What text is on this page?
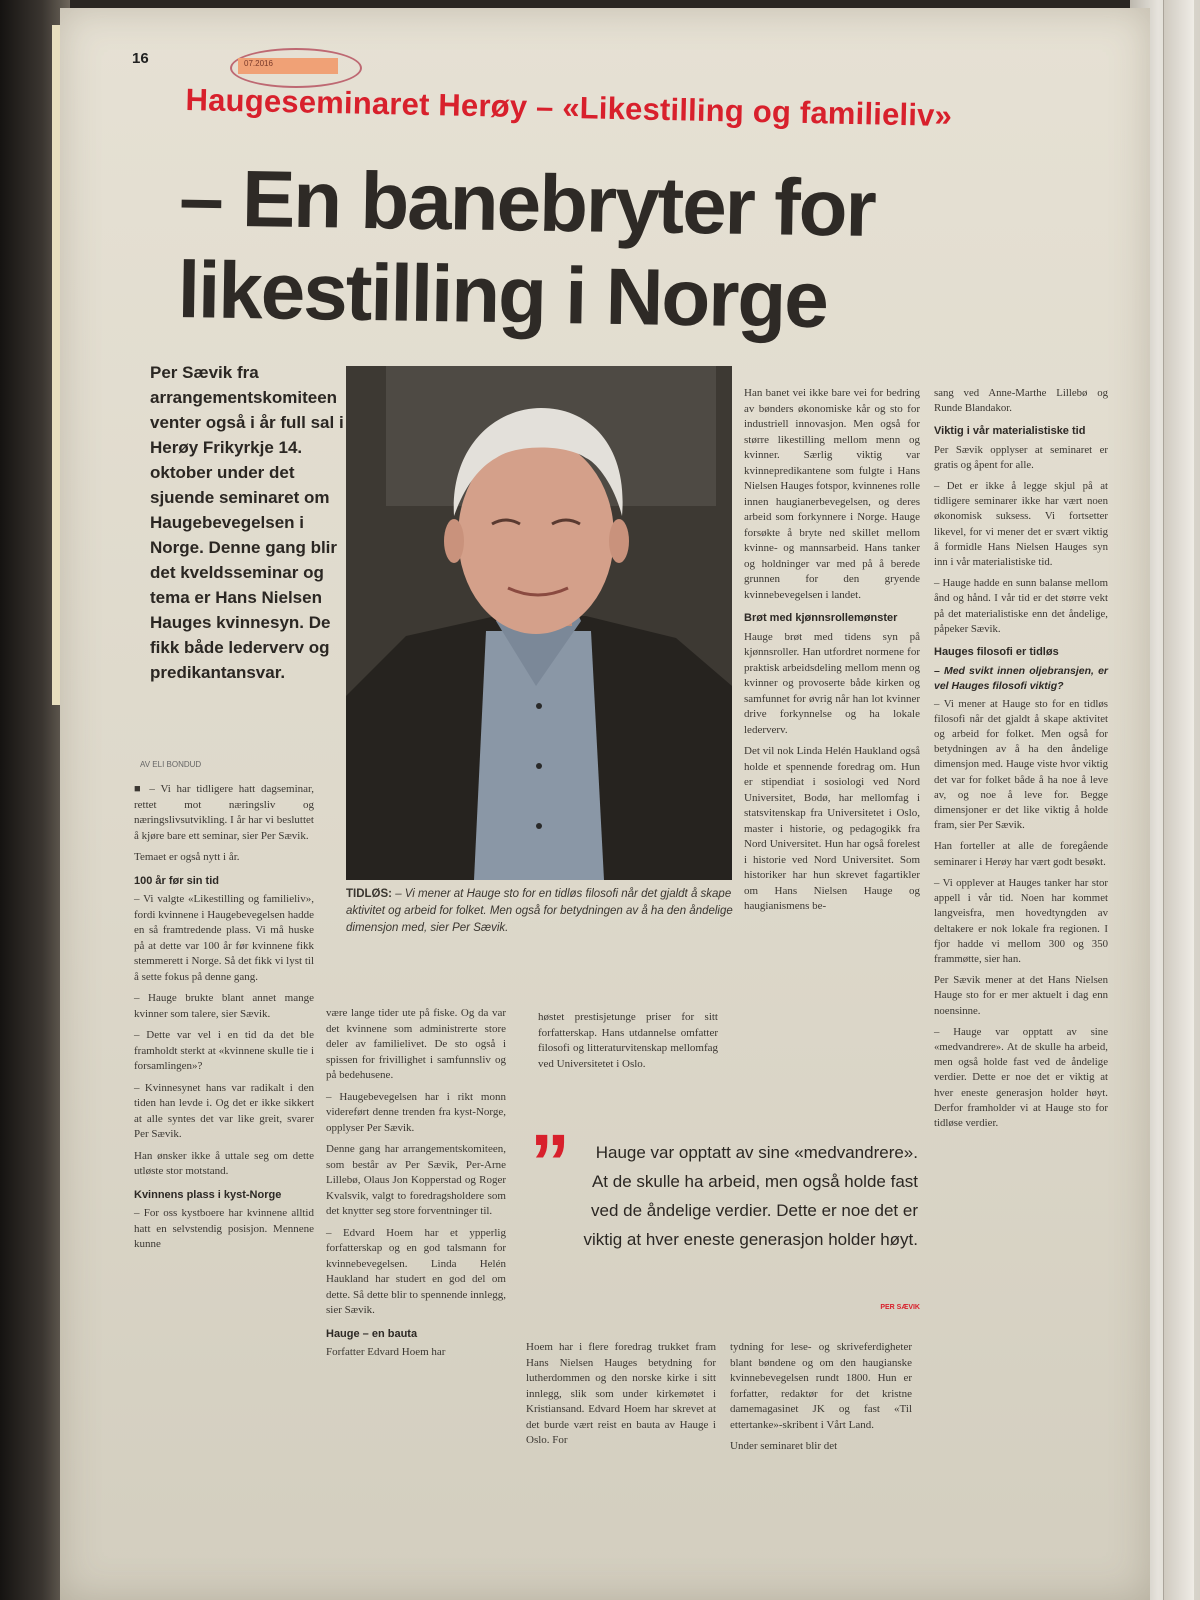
16	07.2016
Haugeseminaret Herøy – «Likestilling og familieliv»
– En banebryter for
likestilling i Norge
Per Sævik fra arrangementskomiteen venter også i år full sal i Herøy Frikyrkje 14. oktober under det sjuende seminaret om Haugebevegelsen i Norge. Denne gang blir det kveldsseminar og tema er Hans Nielsen Hauges kvinnesyn. De fikk både lederverv og predikantansvar.
AV ELI BONDUD
TIDLØS: – Vi mener at Hauge sto for en tidløs filosofi når det gjaldt å skape aktivitet og arbeid for folket. Men også for betydningen av å ha den åndelige dimensjon med, sier Per Sævik.

■ – Vi har tidligere hatt dagseminar, rettet mot næringsliv og næringslivsutvikling. I år har vi besluttet å kjøre bare ett seminar, sier Per Sævik.

Temaet er også nytt i år.

100 år før sin tid

– Vi valgte «Likestilling og familieliv», fordi kvinnene i Haugebevegelsen hadde en så framtredende plass. Vi må huske på at dette var 100 år før kvinnene fikk stemmerett i Norge. Så det fikk vi lyst til å sette fokus på denne gang.

– Hauge brukte blant annet mange kvinner som talere, sier Sævik.

– Dette var vel i en tid da det ble framholdt sterkt at «kvinnene skulle tie i forsamlingen»?

– Kvinnesynet hans var radikalt i den tiden han levde i. Og det er ikke sikkert at alle syntes det var like greit, svarer Per Sævik.

Han ønsker ikke å uttale seg om dette utløste stor motstand.

Kvinnens plass i kyst-Norge

– For oss kystboere har kvinnene alltid hatt en selvstendig posisjon. Mennene kunne

være lange tider ute på fiske. Og da var det kvinnene som administrerte store deler av familielivet. De sto også i spissen for frivillighet i samfunnsliv og på bedehusene.

– Haugebevegelsen har i rikt monn videreført denne trenden fra kyst-Norge, opplyser Per Sævik.

Denne gang har arrangementskomiteen, som består av Per Sævik, Per-Arne Lillebø, Olaus Jon Kopperstad og Roger Kvalsvik, valgt to foredragsholdere som det knytter seg store forventninger til.

– Edvard Hoem har et ypperlig forfatterskap og en god talsmann for kvinnebevegelsen. Linda Helén Haukland har studert en god del om dette. Så dette blir to spennende innlegg, sier Sævik.

Hauge – en bauta

Forfatter Edvard Hoem har

høstet prestisjetunge priser for sitt forfatterskap. Hans utdannelse omfatter filosofi og litteraturvitenskap mellomfag ved Universitetet i Oslo.

Hoem har i flere foredrag trukket fram Hans Nielsen Hauges betydning for lutherdommen og den norske kirke i sitt innlegg, slik som under kirkemøtet i Kristiansand. Edvard Hoem har skrevet at det burde vært reist en bauta av Hauge i Oslo. For

Han banet vei ikke bare vei for bedring av bønders økonomiske kår og sto for industriell innovasjon. Men også for større likestilling mellom menn og kvinner. Særlig viktig var kvinnepredikantene som fulgte i Hans Nielsen Hauges fotspor, kvinnenes rolle innen haugianerbevegelsen, og deres arbeid som forkynnere i Norge. Hauge forsøkte å bryte ned skillet mellom kvinne- og mannsarbeid. Hans tanker og holdninger var med på å berede grunnen for den gryende kvinnebevegelsen i landet.

Brøt med kjønnsrollemønster

Hauge brøt med tidens syn på kjønnsroller. Han utfordret normene for praktisk arbeidsdeling mellom menn og kvinner og provoserte både kirken og samfunnet for øvrig når han lot kvinner drive forkynnelse og ha lokale lederverv.

Det vil nok Linda Helén Haukland også holde et spennende foredrag om. Hun er stipendiat i sosiologi ved Nord Universitet, Bodø, har mellomfag i statsvitenskap fra Universitetet i Oslo, master i historie, og pedagogikk fra Nord Universitet. Hun har også forelest i historie ved Nord Universitet. Som historiker har hun skrevet fagartikler om Hans Nielsen Hauge og haugianismens be-

tydning for lese- og skriveferdigheter blant bøndene og om den haugianske kvinnebevegelsen rundt 1800. Hun er forfatter, redaktør for det kristne damemagasinet JK og fast «Til ettertanke»-skribent i Vårt Land.

Under seminaret blir det

sang ved Anne-Marthe Lillebø og Runde Blandakor.

Viktig i vår materialistiske tid

Per Sævik opplyser at seminaret er gratis og åpent for alle.

– Det er ikke å legge skjul på at tidligere seminarer ikke har vært noen økonomisk suksess. Vi fortsetter likevel, for vi mener det er svært viktig å formidle Hans Nielsen Hauges syn inn i vår materialistiske tid.

– Hauge hadde en sunn balanse mellom ånd og hånd. I vår tid er det større vekt på det materialistiske enn det åndelige, påpeker Sævik.

Hauges filosofi er tidløs
– Med svikt innen oljebransjen, er vel Hauges filosofi viktig?

– Vi mener at Hauge sto for en tidløs filosofi når det gjaldt å skape aktivitet og arbeid for folket. Men også for betydningen av å ha den åndelige dimensjon med. Hauge viste hvor viktig det var for folket både å ha noe å leve av, og noe å leve for. Begge dimensjoner er det like viktig å holde fram, sier Per Sævik.

Han forteller at alle de foregående seminarer i Herøy har vært godt besøkt.

– Vi opplever at Hauges tanker har stor appell i vår tid. Noen har kommet langveisfra, men hovedtyngden av deltakere er nok lokale fra regionen. I fjor hadde vi mellom 300 og 350 frammøtte, sier han.

Per Sævik mener at det Hans Nielsen Hauge sto for er mer aktuelt i dag enn noensinne.

– Hauge var opptatt av sine «medvandrere». At de skulle ha arbeid, men også holde fast ved de åndelige verdier. Dette er noe det er viktig at hver eneste generasjon holder høyt. Derfor framholder vi at Hauge sto for tidløse verdier.

”	Hauge var opptatt av sine «medvandrere». At de skulle ha arbeid, men også holde fast ved de åndelige verdier. Dette er noe det er viktig at hver eneste generasjon holder høyt.
PER SÆVIK
